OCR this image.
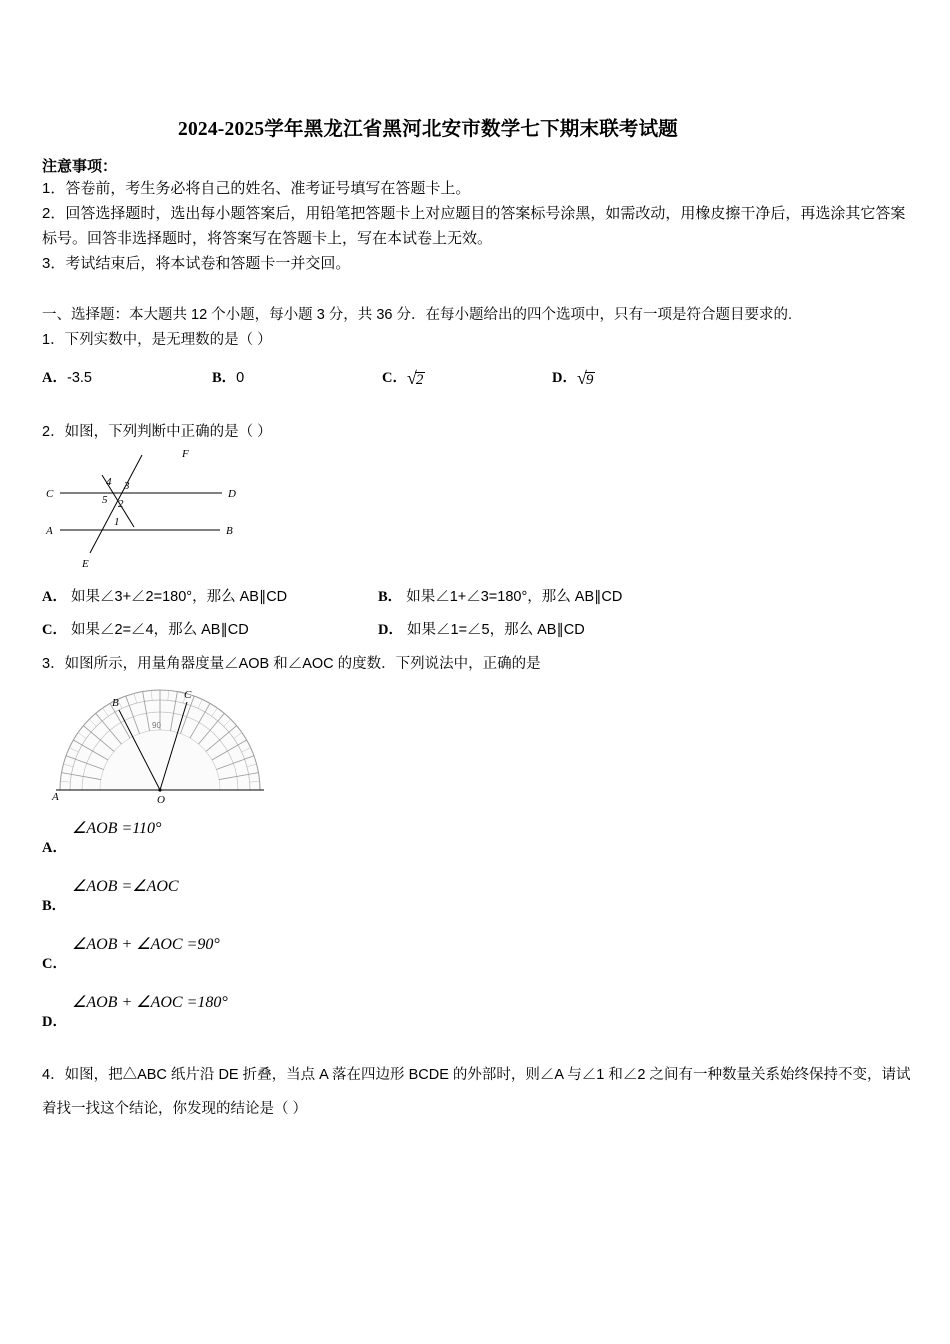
2024-2025学年黑龙江省黑河北安市数学七下期末联考试题
注意事项：
1．答卷前，考生务必将自己的姓名、准考证号填写在答题卡上。
2．回答选择题时，选出每小题答案后，用铅笔把答题卡上对应题目的答案标号涂黑，如需改动，用橡皮擦干净后，再选涂其它答案标号。回答非选择题时，将答案写在答题卡上，写在本试卷上无效。
3．考试结束后，将本试卷和答题卡一并交回。
一、选择题：本大题共 12 个小题，每小题 3 分，共 36 分．在每小题给出的四个选项中，只有一项是符合题目要求的.
1．下列实数中，是无理数的是（ ）
A．-3.5	B．0	C．√2	D．√9
2．如图，下列判断中正确的是（ ）
F
C	D
A	B
E
4 3
5 2
1
A． 如果∠3+∠2=180°，那么 AB∥CD	B． 如果∠1+∠3=180°，那么 AB∥CD
C． 如果∠2=∠4，那么 AB∥CD	D． 如果∠1=∠5，那么 AB∥CD
3．如图所示，用量角器度量∠AOB 和∠AOC 的度数．下列说法中，正确的是
B
C
A	O
90
A．
∠AOB =110°
B．
∠AOB =∠AOC
C．
∠AOB + ∠AOC =90°
D．
∠AOB + ∠AOC =180°
4．如图，把△ABC 纸片沿 DE 折叠，当点 A 落在四边形 BCDE 的外部时，则∠A 与∠1 和∠2 之间有一种数量关系始终保持不变，请试着找一找这个结论，你发现的结论是（ ）
